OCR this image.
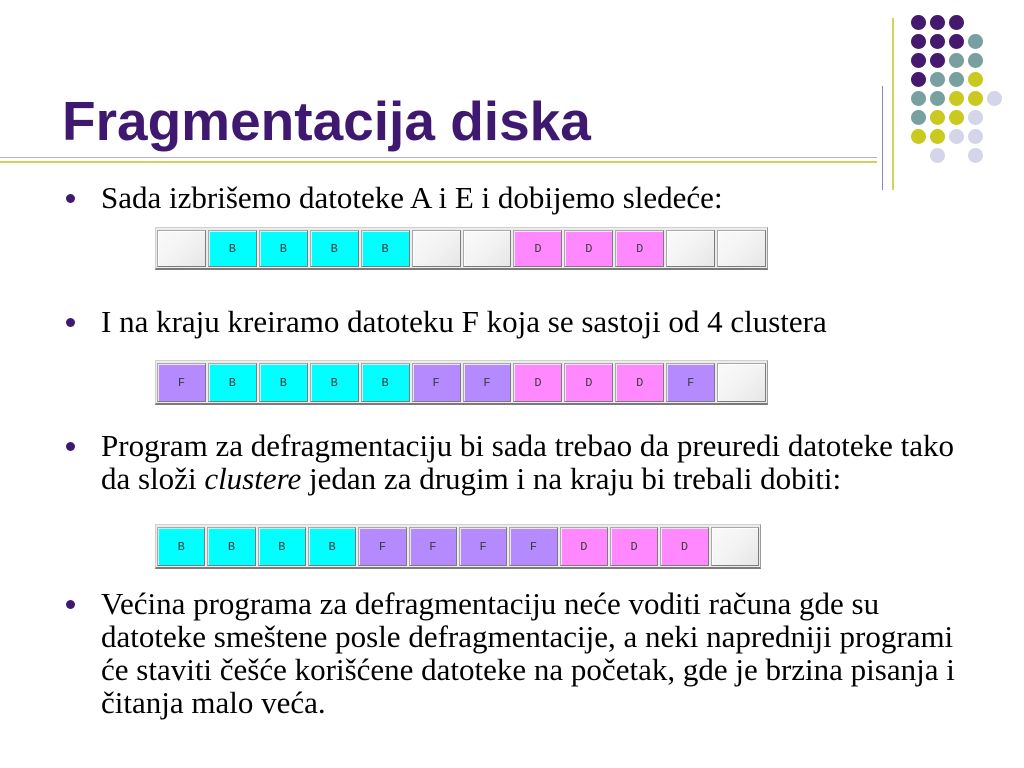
Fragmentacija diska
Sada izbrišemo datoteke A i E i dobijemo sledeće:
B	B	B	B	D	D	D
I na kraju kreiramo datoteku F koja se sastoji od 4 clustera
F	B	B	B	B	F	F	D	D	D	F
Program za defragmentaciju bi sada trebao da preuredi datoteke tako
da složi clustere jedan za drugim i na kraju bi trebali dobiti:
B	B	B	B	F	F	F	F	D	D	D
Većina programa za defragmentaciju neće voditi računa gde su
datoteke smeštene posle defragmentacije, a neki napredniji programi
će staviti češće korišćene datoteke na početak, gde je brzina pisanja i
čitanja malo veća.
